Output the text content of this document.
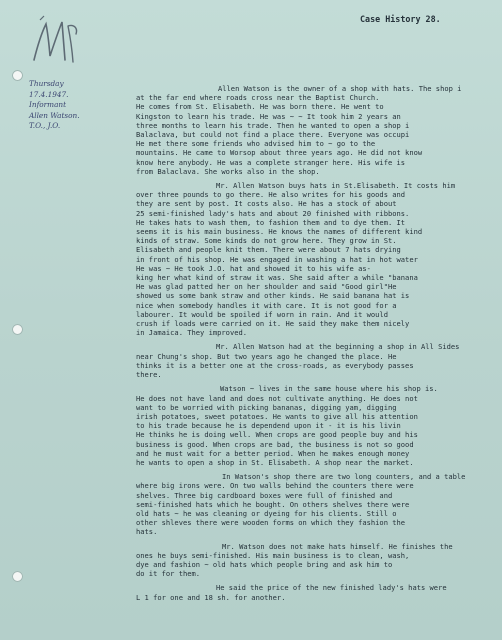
Case History 28.
Thursday
17.4.1947.
Informant
Allen Watson.
T.O., J.O.
Allen Watson is the owner of a shop with hats. The shop i
at the far end where roads cross near the Baptist Church.
He comes from St. Elisabeth. He was born there. He went to
Kingston to learn his trade. He was ~ ~ It took him 2 years an
three months to learn his trade. Then he wanted to open a shop i
Balaclava, but could not find a place there. Everyone was occupi
He met there some friends who advised him to ~ go to the
mountains. He came to Worsop about three years ago. He did not know
know here anybody. He was a complete stranger here. His wife is
from Balaclava. She works also in the shop.
Mr. Allen Watson buys hats in St.Elisabeth. It costs him
over three pounds to go there. He also writes for his goods and
they are sent by post. It costs also. He has a stock of about
25 semi-finished lady's hats and about 20 finished with ribbons.
He takes hats to wash them, to fashion them and to dye them. It
seems it is his main business. He knows the names of different kind
kinds of straw. Some kinds do not grow here. They grow in St.
Elisabeth and people knit them. There were about 7 hats drying
in front of his shop. He was engaged in washing a hat in hot water
He was ~ He took J.O. hat and showed it to his wife as-
king her what kind of straw it was. She said after a while "banana
He was glad patted her on her shoulder and said "Good girl"He
showed us some bank straw and other kinds. He said banana hat is
nice when somebody handles it with care. It is not good for a
labourer. It would be spoiled if worn in rain. And it would
crush if loads were carried on it. He said they make them nicely
in Jamaica. They improved.
Mr. Allen Watson had at the beginning a shop in All Sides
near Chung's shop. But two years ago he changed the place. He
thinks it is a better one at the cross-roads, as everybody passes
there.
Watson ~ lives in the same house where his shop is.
He does not have land and does not cultivate anything. He does not
want to be worried with picking bananas, digging yam, digging
irish potatoes, sweet potatoes. He wants to give all his attention
to his trade because he is dependend upon it - it is his livin
He thinks he is doing well. When crops are good people buy and his
business is good. When crops are bad, the business is not so good
and he must wait for a better period. When he makes enough money
he wants to open a shop in St. Elisabeth. A shop near the market.
In Watson's shop there are two long counters, and a table
where big irons were. On two walls behind the counters there were
shelves. Three big cardboard boxes were full of finished and
semi-finished hats which he bought. On others shelves there were
old hats ~ he was cleaning or dyeing for his clients. Still o
other shleves there were wooden forms on which they fashion the
hats.
Mr. Watson does not make hats himself. He finishes the
ones he buys semi-finished. His main business is to clean, wash,
dye and fashion ~ old hats which people bring and ask him to
do it for them.
He said the price of the new finished lady's hats were
L 1 for one and 18 sh. for another.
